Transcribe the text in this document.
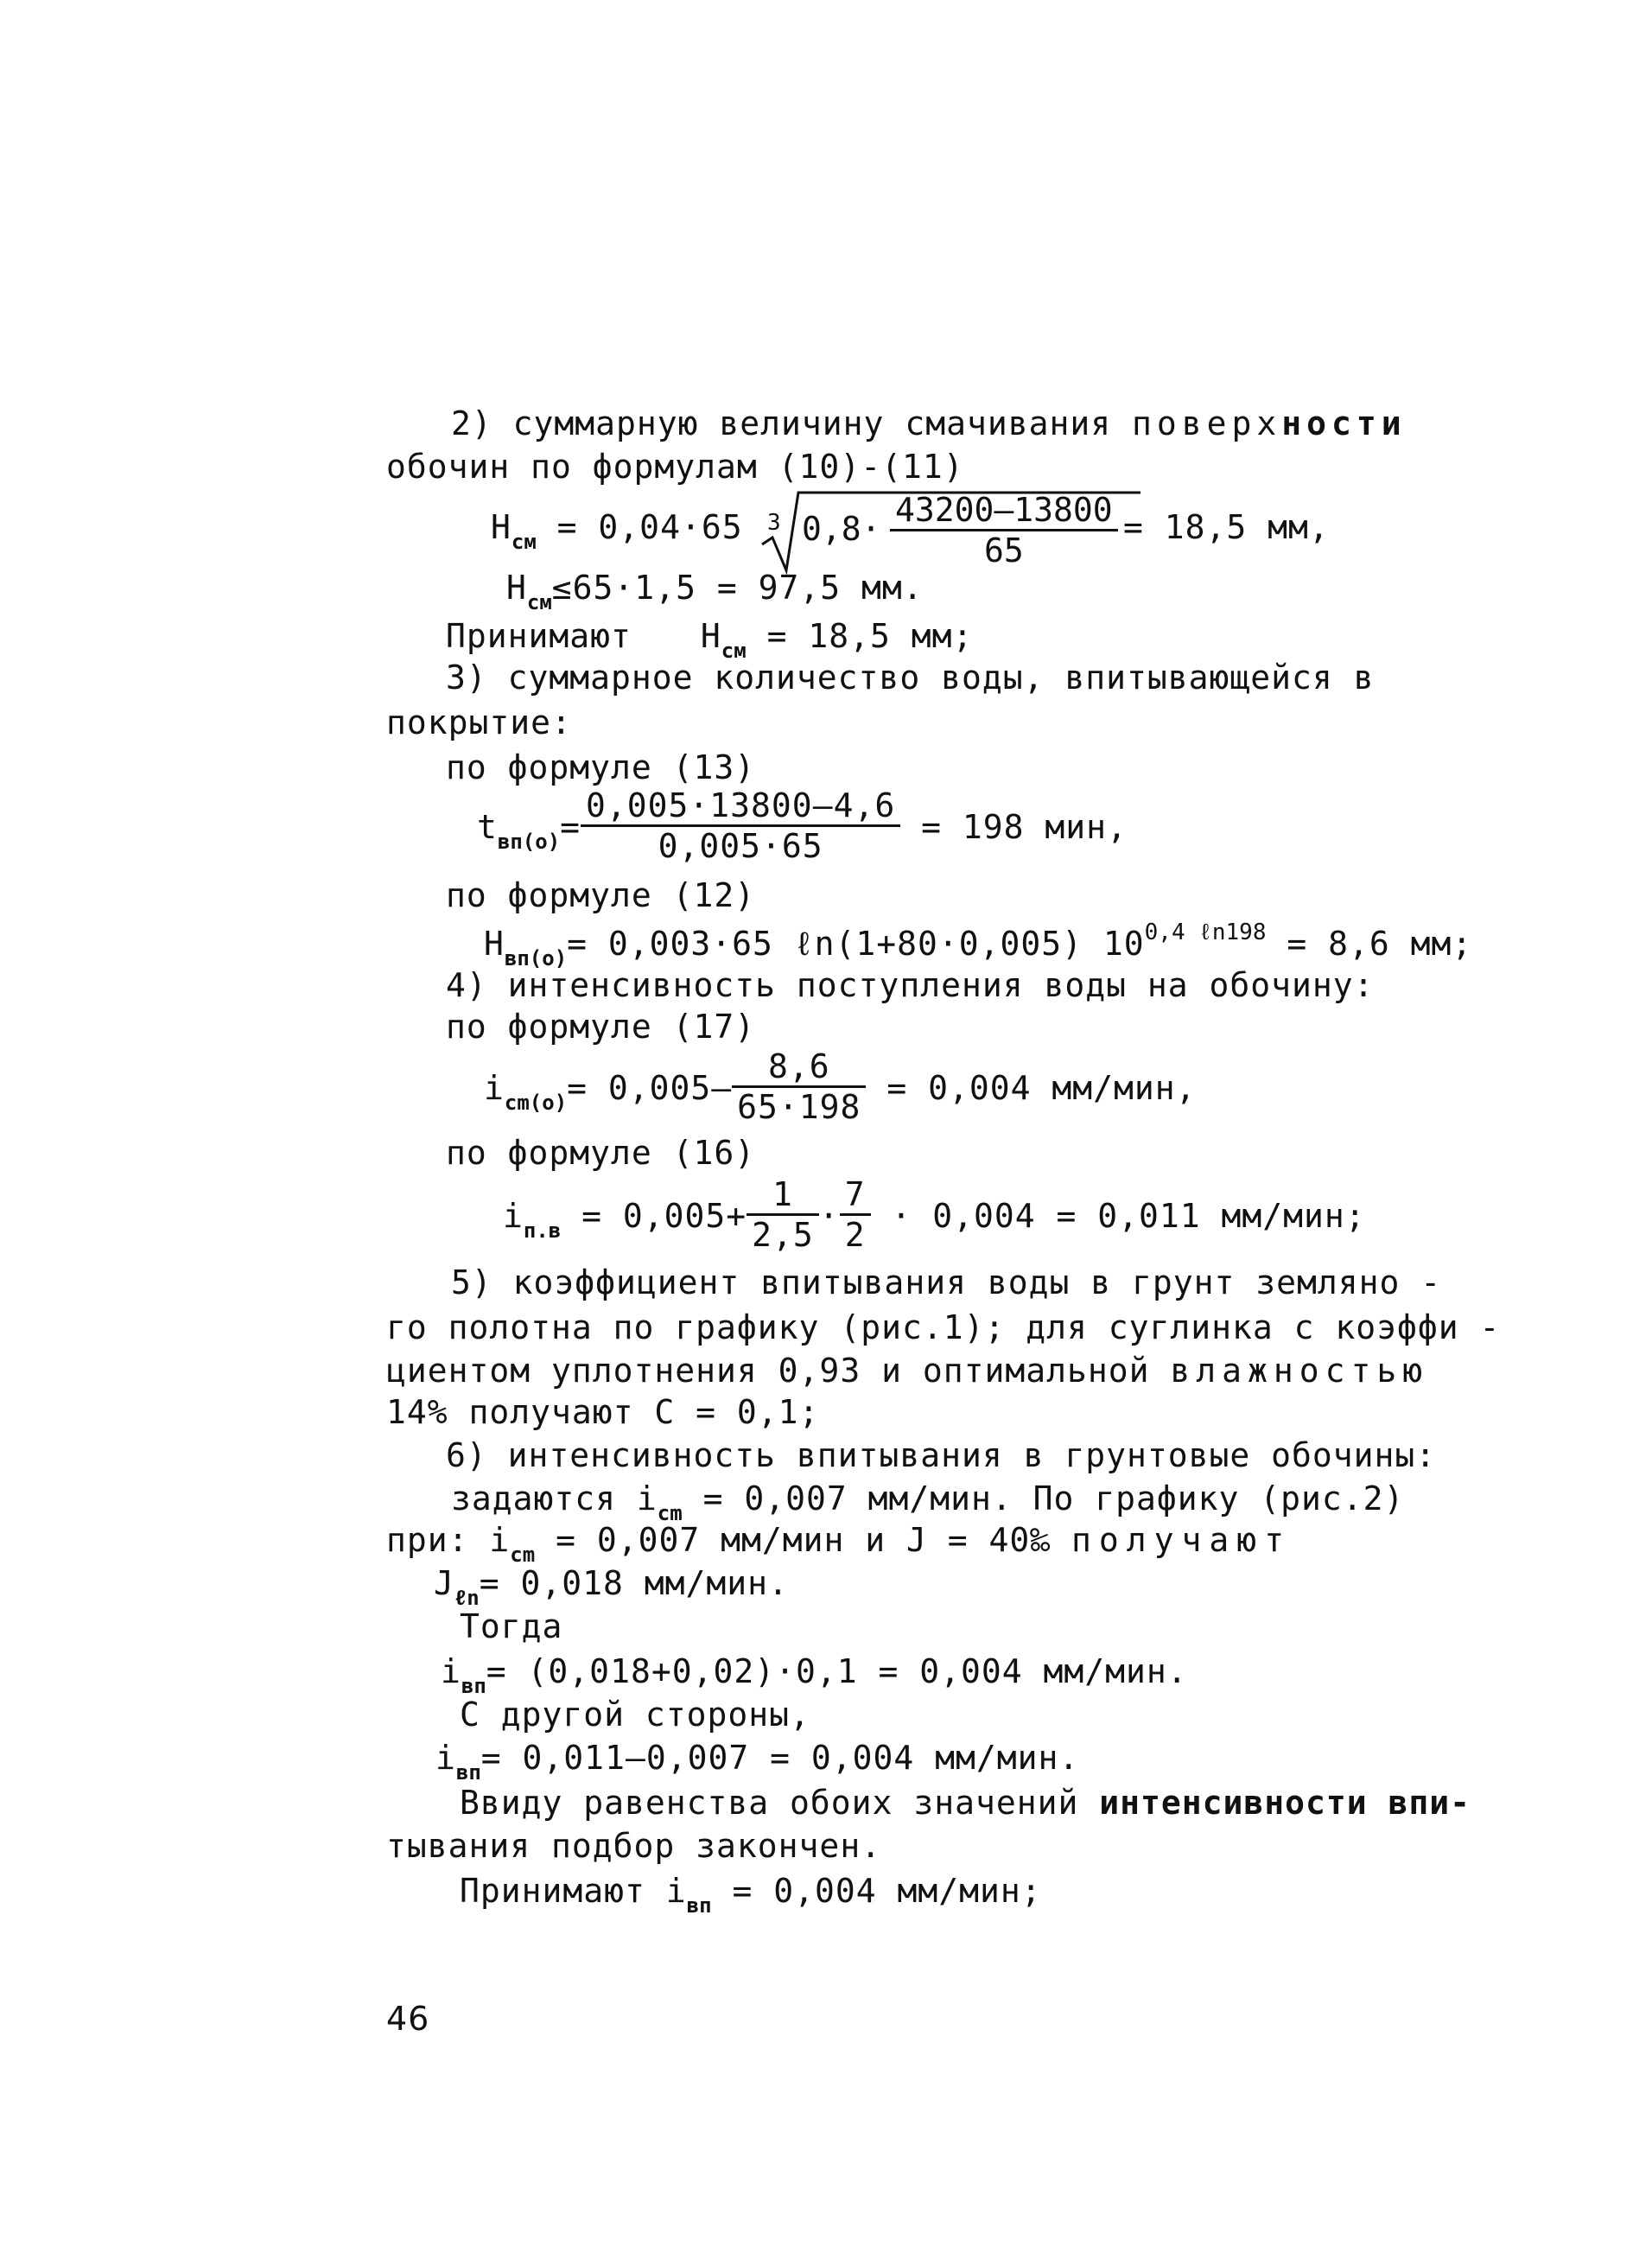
2) суммарную величину смачивания поверхности
обочин по формулам (10)-(11)
$H_{см} = 0,04\cdot 65$ 3 $0,8\cdot \frac{43200-13800}{65} = 18,5$ мм,
$H_{см}\le 65\cdot 1,5 = 97,5$ мм.
Принимают $H_{см} = 18,5$ мм;
3) суммарное количество воды, впитывающейся в
покрытие:
по формуле (13)
$t_{вп(о)}= \frac{0,005\cdot 13800-4,6}{0,005\cdot 65} = 198$ мин,
по формуле (12)
$H_{вп(о)}= 0,003\cdot 65$ ℓn(1+80·0,005) $10^{0,4 \ell n198} = 8,6$ мм;
4) интенсивность поступления воды на обочину:
по формуле (17)
$i_{cm(o)}= 0,005- \frac{8,6}{65\cdot 198} = 0,004$ мм/мин,
по формуле (16)
$i_{п.в} = 0,005+ \frac{1}{2,5} \cdot \frac{7}{2} \cdot 0,004 = 0,011$ мм/мин;
5) коэффициент впитывания воды в грунт земляно -
го полотна по графику (рис.1); для суглинка с коэффи -
циентом уплотнения 0,93 и оптимальной влажностью
14% получают C = 0,1;
6) интенсивность впитывания в грунтовые обочины:
задаются $i_{cm} = 0,007$ мм/мин. По графику (рис.2)
при: $i_{cm} = 0,007$ мм/мин и J = 40‰ получают
$J_{\ell n}= 0,018$ мм/мин.
Тогда
$i_{вп}= (0,018+0,02)\cdot 0,1 = 0,004$ мм/мин.
С другой стороны,
$i_{вп}= 0,011-0,007 = 0,004$ мм/мин.
Ввиду равенства обоих значений интенсивности впи-
тывания подбор закончен.
Принимают $i_{вп} = 0,004$ мм/мин;
46
